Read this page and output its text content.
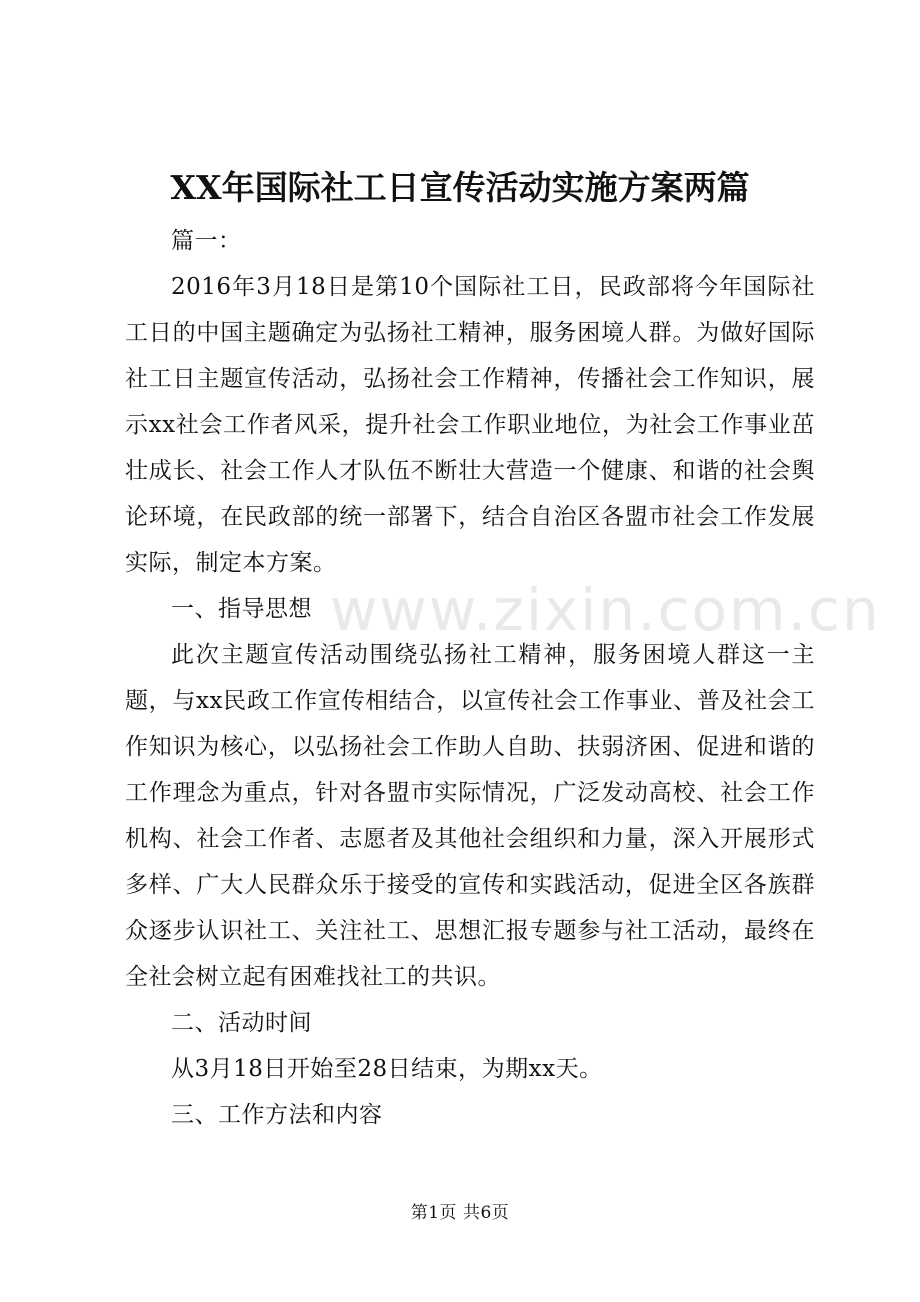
www.zixin.com.cn
XX年国际社工日宣传活动实施方案两篇

篇一：

2016年3月18日是第10个国际社工日，民政部将今年国际社工日的中国主题确定为弘扬社工精神，服务困境人群。为做好国际社工日主题宣传活动，弘扬社会工作精神，传播社会工作知识，展示xx社会工作者风采，提升社会工作职业地位，为社会工作事业茁壮成长、社会工作人才队伍不断壮大营造一个健康、和谐的社会舆论环境，在民政部的统一部署下，结合自治区各盟市社会工作发展实际，制定本方案。

一、指导思想

此次主题宣传活动围绕弘扬社工精神，服务困境人群这一主题，与xx民政工作宣传相结合，以宣传社会工作事业、普及社会工作知识为核心，以弘扬社会工作助人自助、扶弱济困、促进和谐的工作理念为重点，针对各盟市实际情况，广泛发动高校、社会工作机构、社会工作者、志愿者及其他社会组织和力量，深入开展形式多样、广大人民群众乐于接受的宣传和实践活动，促进全区各族群众逐步认识社工、关注社工、思想汇报专题参与社工活动，最终在全社会树立起有困难找社工的共识。

二、活动时间

从3月18日开始至28日结束，为期xx天。

三、工作方法和内容

第1页 共6页
